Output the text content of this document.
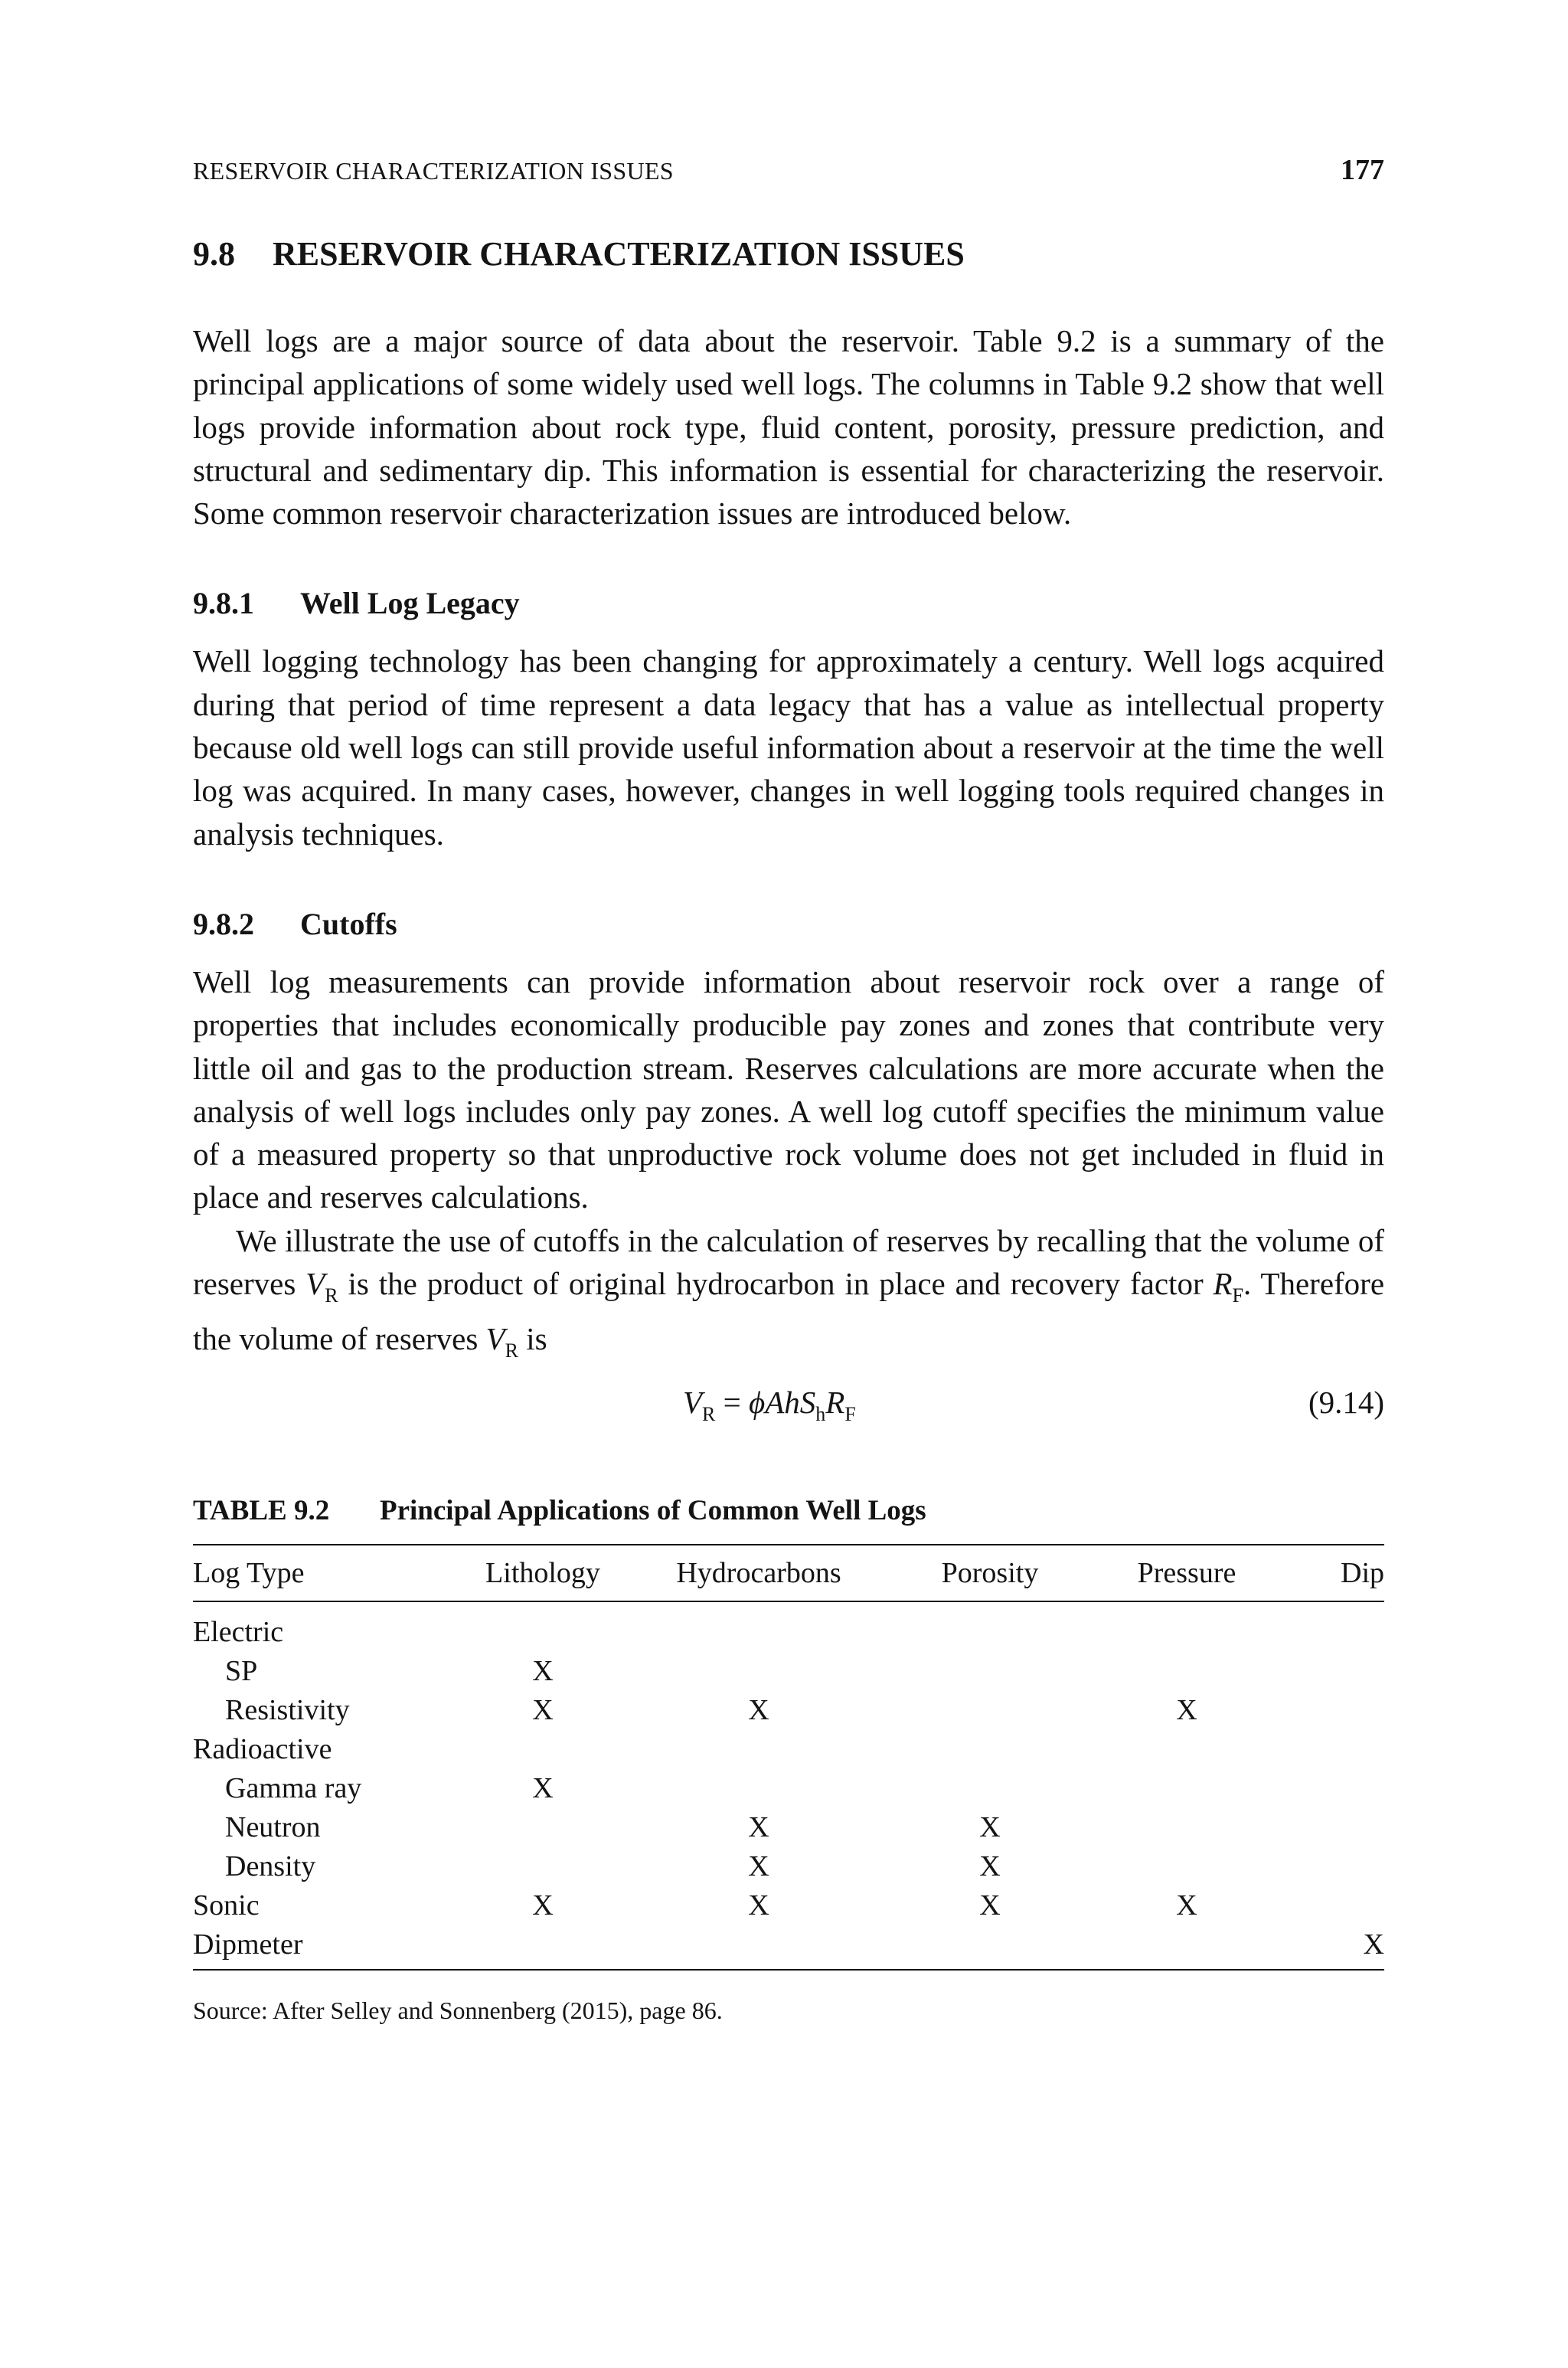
RESERVOIR CHARACTERIZATION ISSUES	177
9.8 RESERVOIR CHARACTERIZATION ISSUES

Well logs are a major source of data about the reservoir. Table 9.2 is a summary of the principal applications of some widely used well logs. The columns in Table 9.2 show that well logs provide information about rock type, fluid content, porosity, pressure prediction, and structural and sedimentary dip. This information is essential for characterizing the reservoir. Some common reservoir characterization issues are introduced below.

9.8.1 Well Log Legacy

Well logging technology has been changing for approximately a century. Well logs acquired during that period of time represent a data legacy that has a value as intellectual property because old well logs can still provide useful information about a reservoir at the time the well log was acquired. In many cases, however, changes in well logging tools required changes in analysis techniques.

9.8.2 Cutoffs

Well log measurements can provide information about reservoir rock over a range of properties that includes economically producible pay zones and zones that contribute very little oil and gas to the production stream. Reserves calculations are more accurate when the analysis of well logs includes only pay zones. A well log cutoff specifies the minimum value of a measured property so that unproductive rock volume does not get included in fluid in place and reserves calculations.

We illustrate the use of cutoffs in the calculation of reserves by recalling that the volume of reserves $V_R$ is the product of original hydrocarbon in place and recovery factor $R_F$. Therefore the volume of reserves $V_R$ is

$V_R = \phi AhS_hR_F$	(9.14)
TABLE 9.2 Principal Applications of Common Well Logs
Log Type	Lithology	Hydrocarbons	Porosity	Pressure	Dip
Electric					
SP	X				
Resistivity	X	X		X	
Radioactive					
Gamma ray	X				
Neutron		X	X		
Density		X	X		
Sonic	X	X	X	X	
Dipmeter					X
Source: After Selley and Sonnenberg (2015), page 86.
